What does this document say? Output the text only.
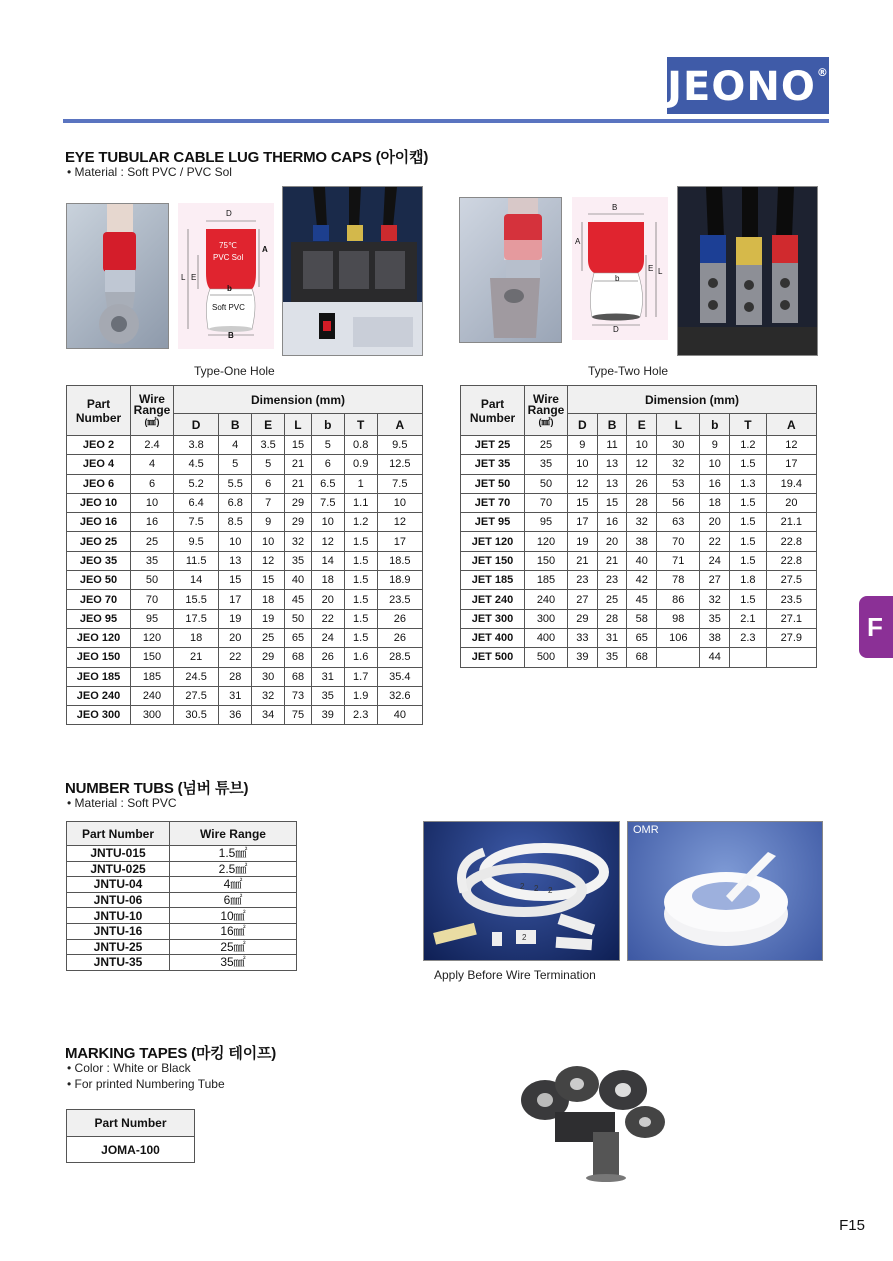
JEONO®
EYE TUBULAR CABLE LUG THERMO CAPS (아이캡)
• Material : Soft PVC / PVC Sol
D
A
L E
b
B
75℃
PVC Sol
Soft PVC
B
A
E L
b
D
Type-One Hole	Type-Two Hole
Part
Number	Wire
Range
(㎟)	Dimension (mm)						
		D	B	E	L	b	T	A
JEO 2	2.4	3.8	4	3.5	15	5	0.8	9.5
JEO 4	4	4.5	5	5	21	6	0.9	12.5
JEO 6	6	5.2	5.5	6	21	6.5	1	7.5
JEO 10	10	6.4	6.8	7	29	7.5	1.1	10
JEO 16	16	7.5	8.5	9	29	10	1.2	12
JEO 25	25	9.5	10	10	32	12	1.5	17
JEO 35	35	11.5	13	12	35	14	1.5	18.5
JEO 50	50	14	15	15	40	18	1.5	18.9
JEO 70	70	15.5	17	18	45	20	1.5	23.5
JEO 95	95	17.5	19	19	50	22	1.5	26
JEO 120	120	18	20	25	65	24	1.5	26
JEO 150	150	21	22	29	68	26	1.6	28.5
JEO 185	185	24.5	28	30	68	31	1.7	35.4
JEO 240	240	27.5	31	32	73	35	1.9	32.6
JEO 300	300	30.5	36	34	75	39	2.3	40
Part
Number	Wire
Range
(㎟)	Dimension (mm)						
		D	B	E	L	b	T	A
JET 25	25	9	11	10	30	9	1.2	12
JET 35	35	10	13	12	32	10	1.5	17
JET 50	50	12	13	26	53	16	1.3	19.4
JET 70	70	15	15	28	56	18	1.5	20
JET 95	95	17	16	32	63	20	1.5	21.1
JET 120	120	19	20	38	70	22	1.5	22.8
JET 150	150	21	21	40	71	24	1.5	22.8
JET 185	185	23	23	42	78	27	1.8	27.5
JET 240	240	27	25	45	86	32	1.5	23.5
JET 300	300	29	28	58	98	35	2.1	27.1
JET 400	400	33	31	65	106	38	2.3	27.9
JET 500	500	39	35	68		44		
F
NUMBER TUBS (넘버 튜브)
• Material : Soft PVC
Part Number	Wire Range
JNTU-015	1.5㎟
JNTU-025	2.5㎟
JNTU-04	4㎟
JNTU-06	6㎟
JNTU-10	10㎟
JNTU-16	16㎟
JNTU-25	25㎟
JNTU-35	35㎟
2 2 2
2
OMR
Apply Before Wire Termination
MARKING TAPES (마킹 테이프)
• Color : White or Black
• For printed Numbering Tube
Part Number
JOMA-100
F15
